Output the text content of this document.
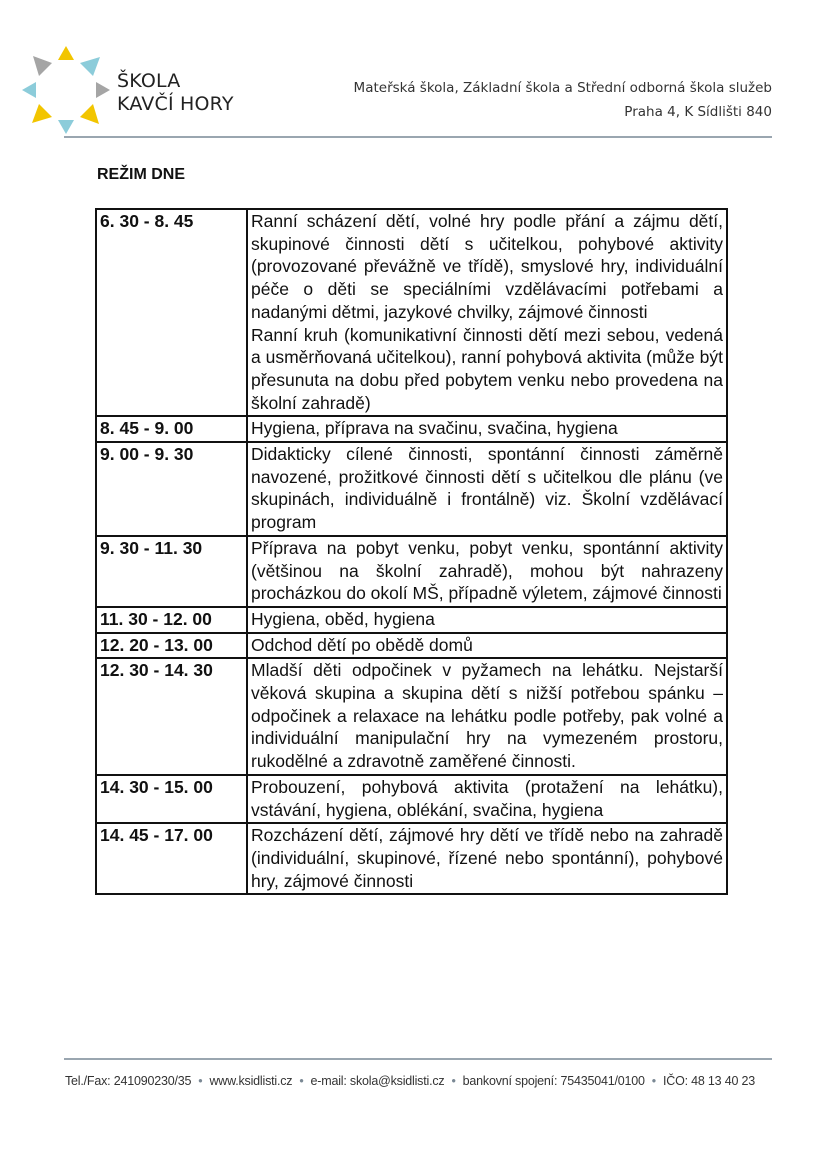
ŠKOLA
KAVČÍ HORY
Mateřská škola, Základní škola a Střední odborná škola služeb
Praha 4, K Sídlišti 840
REŽIM DNE
6. 30 - 8. 45	Ranní scházení dětí, volné hry podle přání a zájmu dětí, skupinové činnosti dětí s učitelkou, pohybové aktivity (provozované převážně ve třídě), smyslové hry, individuální péče o děti se speciálními vzdělávacími potřebami a nadanými dětmi, jazykové chvilky, zájmové činnosti
Ranní kruh (komunikativní činnosti dětí mezi sebou, vedená a usměrňovaná učitelkou), ranní pohybová aktivita (může být přesunuta na dobu před pobytem venku nebo provedena na školní zahradě)

8. 45 - 9. 00	Hygiena, příprava na svačinu, svačina, hygiena

9. 00 - 9. 30	Didakticky cílené činnosti, spontánní činnosti záměrně navozené, prožitkové činnosti dětí s učitelkou dle plánu (ve skupinách, individuálně i frontálně) viz. Školní vzdělávací program

9. 30 - 11. 30	Příprava na pobyt venku, pobyt venku, spontánní aktivity (většinou na školní zahradě), mohou být nahrazeny procházkou do okolí MŠ, případně výletem, zájmové činnosti

11. 30 - 12. 00	Hygiena, oběd, hygiena

12. 20 - 13. 00	Odchod dětí po obědě domů

12. 30 - 14. 30	Mladší děti odpočinek v pyžamech na lehátku. Nejstarší věková skupina a skupina dětí s nižší potřebou spánku – odpočinek a relaxace na lehátku podle potřeby, pak volné a individuální manipulační hry na vymezeném prostoru, rukodělné a zdravotně zaměřené činnosti.

14. 30 - 15. 00	Probouzení, pohybová aktivita (protažení na lehátku), vstávání, hygiena, oblékání, svačina, hygiena

14. 45 - 17. 00	Rozcházení dětí, zájmové hry dětí ve třídě nebo na zahradě (individuální, skupinové, řízené nebo spontánní), pohybové hry, zájmové činnosti
Tel./Fax: 241090230/35 • www.ksidlisti.cz • e-mail: skola@ksidlisti.cz • bankovní spojení: 75435041/0100 • IČO: 48 13 40 23
